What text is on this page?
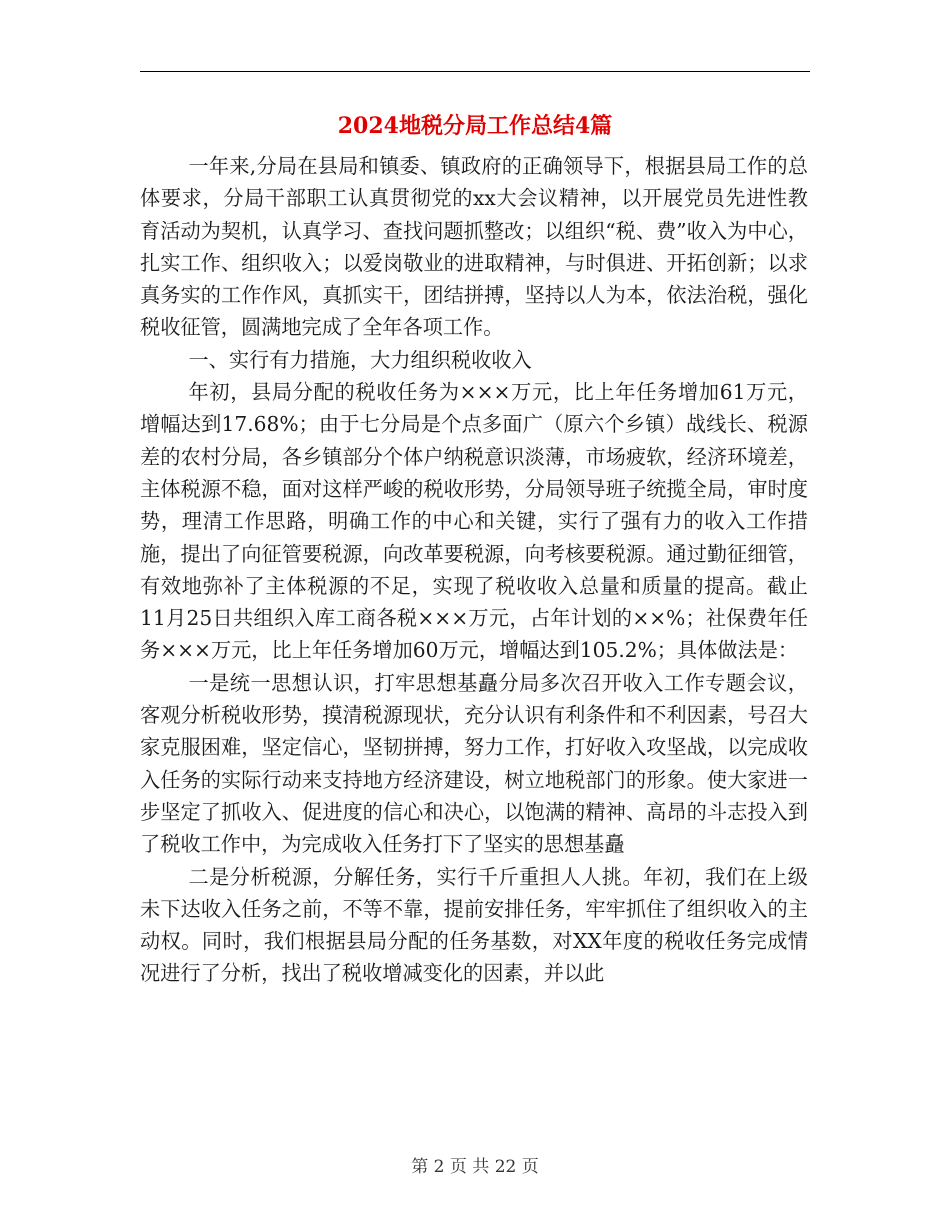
2024地税分局工作总结4篇

一年来,分局在县局和镇委、镇政府的正确领导下，根据县局工作的总体要求，分局干部职工认真贯彻党的xx大会议精神，以开展党员先进性教育活动为契机，认真学习、查找问题抓整改；以组织“税、费”收入为中心，扎实工作、组织收入；以爱岗敬业的进取精神，与时俱进、开拓创新；以求真务实的工作作风，真抓实干，团结拼搏，坚持以人为本，依法治税，强化税收征管，圆满地完成了全年各项工作。

一、实行有力措施，大力组织税收收入

年初，县局分配的税收任务为×××万元，比上年任务增加61万元，增幅达到17.68%；由于七分局是个点多面广（原六个乡镇）战线长、税源差的农村分局，各乡镇部分个体户纳税意识淡薄，市场疲软，经济环境差，主体税源不稳，面对这样严峻的税收形势，分局领导班子统揽全局，审时度势，理清工作思路，明确工作的中心和关键，实行了强有力的收入工作措施，提出了向征管要税源，向改革要税源，向考核要税源。通过勤征细管，有效地弥补了主体税源的不足，实现了税收收入总量和质量的提高。截止11月25日共组织入库工商各税×××万元，占年计划的××%；社保费年任务×××万元，比上年任务增加60万元，增幅达到105.2%；具体做法是：

一是统一思想认识，打牢思想基矗分局多次召开收入工作专题会议，客观分析税收形势，摸清税源现状，充分认识有利条件和不利因素，号召大家克服困难，坚定信心，坚韧拼搏，努力工作，打好收入攻坚战，以完成收入任务的实际行动来支持地方经济建设，树立地税部门的形象。使大家进一步坚定了抓收入、促进度的信心和决心，以饱满的精神、高昂的斗志投入到了税收工作中，为完成收入任务打下了坚实的思想基矗

二是分析税源，分解任务，实行千斤重担人人挑。年初，我们在上级未下达收入任务之前，不等不靠，提前安排任务，牢牢抓住了组织收入的主动权。同时，我们根据县局分配的任务基数，对XX年度的税收任务完成情况进行了分析，找出了税收增减变化的因素，并以此

第 2 页 共 22 页
